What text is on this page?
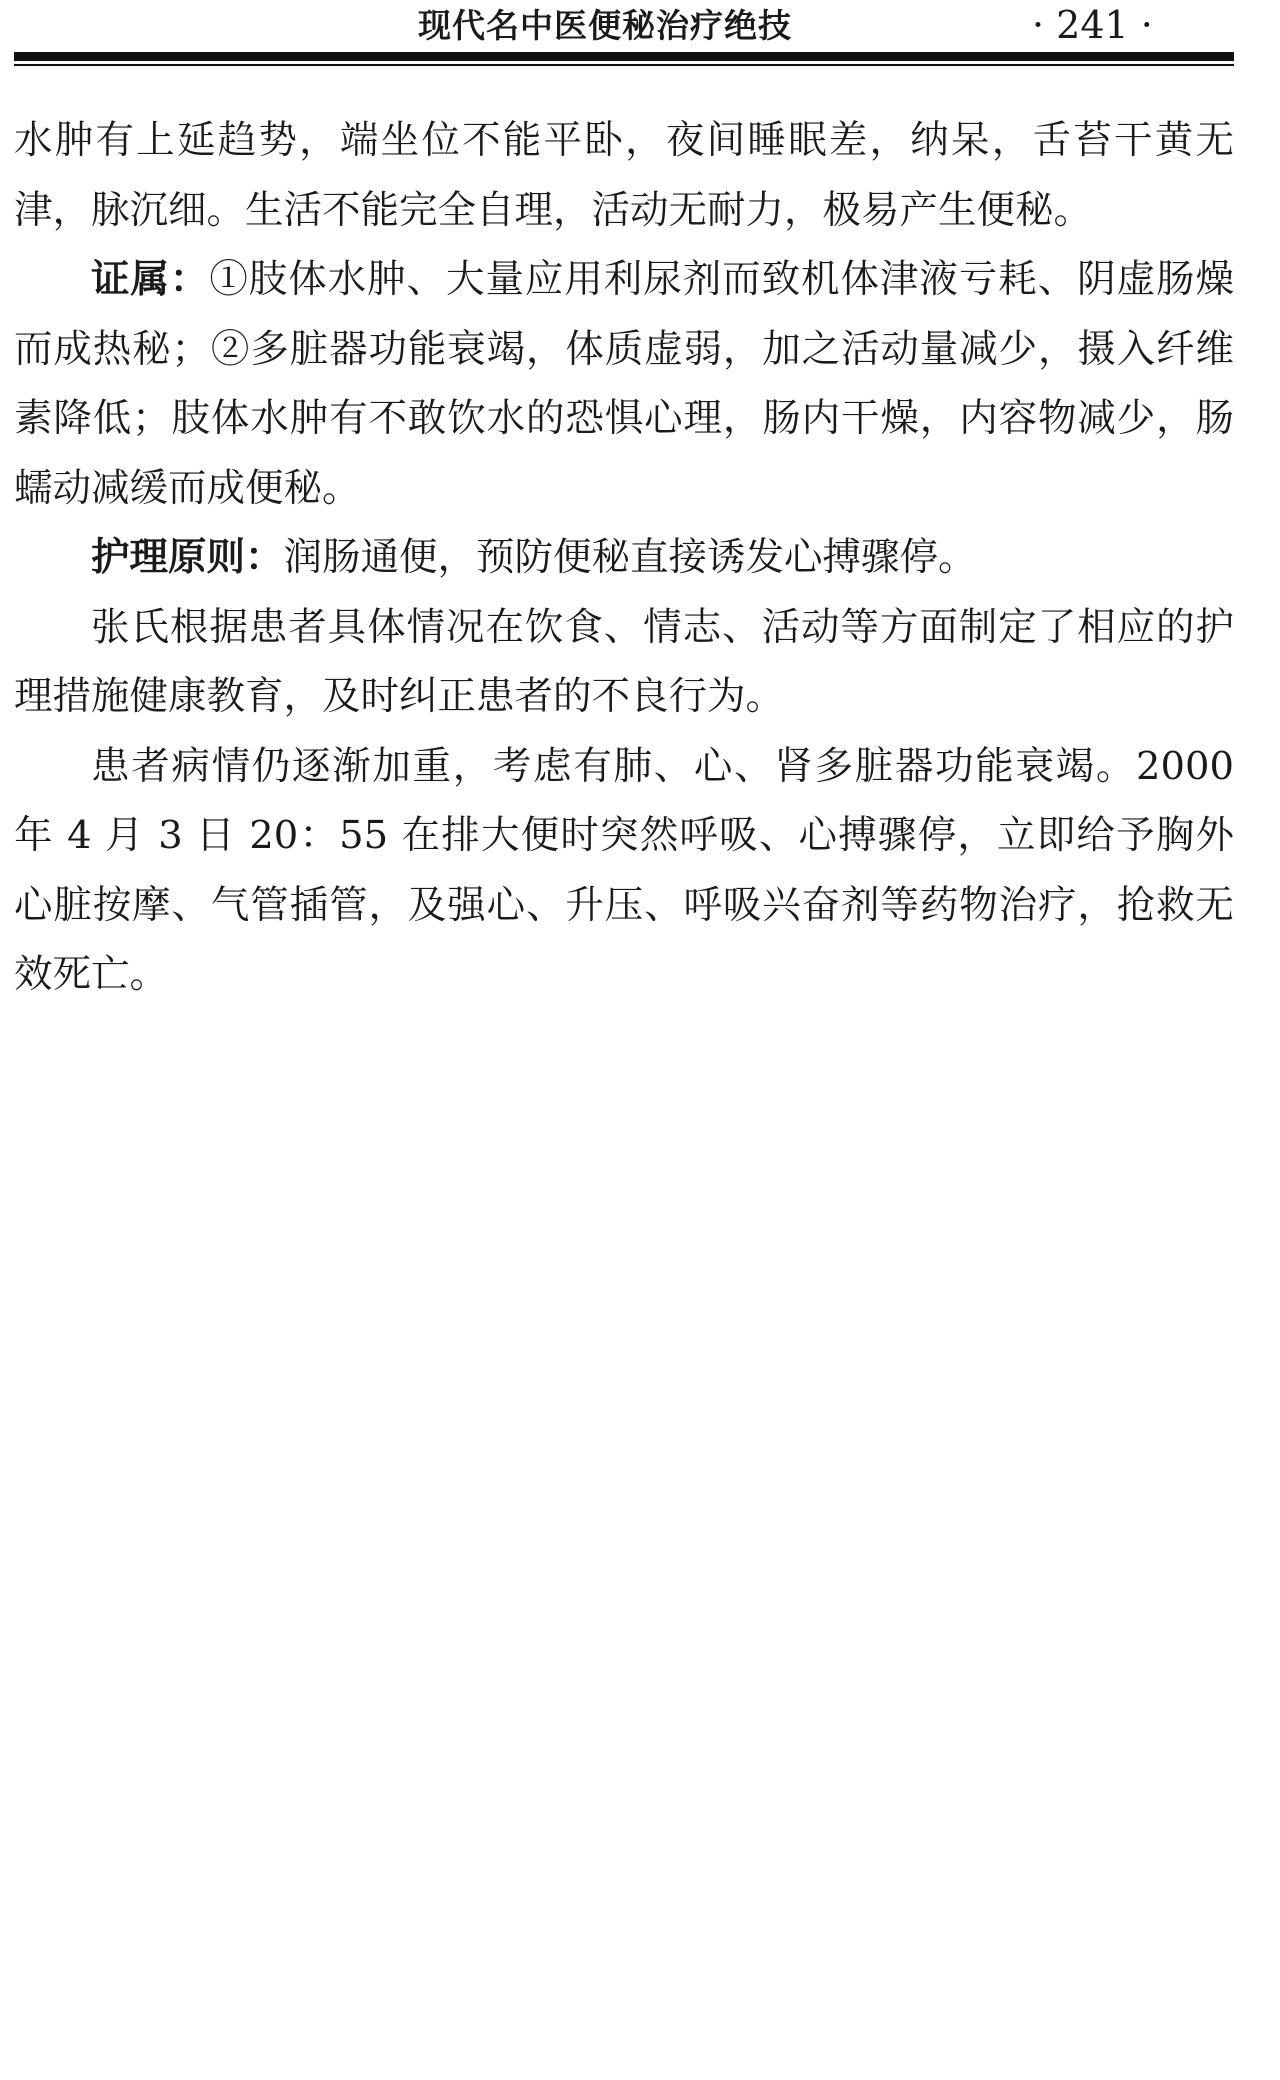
现代名中医便秘治疗绝技	· 241 ·

水肿有上延趋势，端坐位不能平卧，夜间睡眠差，纳呆，舌苔干黄无津，脉沉细。生活不能完全自理，活动无耐力，极易产生便秘。

证属：①肢体水肿、大量应用利尿剂而致机体津液亏耗、阴虚肠燥而成热秘；②多脏器功能衰竭，体质虚弱，加之活动量减少，摄入纤维素降低；肢体水肿有不敢饮水的恐惧心理，肠内干燥，内容物减少，肠蠕动减缓而成便秘。

护理原则：润肠通便，预防便秘直接诱发心搏骤停。

张氏根据患者具体情况在饮食、情志、活动等方面制定了相应的护理措施健康教育，及时纠正患者的不良行为。

患者病情仍逐渐加重，考虑有肺、心、肾多脏器功能衰竭。2000 年 4 月 3 日 20：55 在排大便时突然呼吸、心搏骤停，立即给予胸外心脏按摩、气管插管，及强心、升压、呼吸兴奋剂等药物治疗，抢救无效死亡。
